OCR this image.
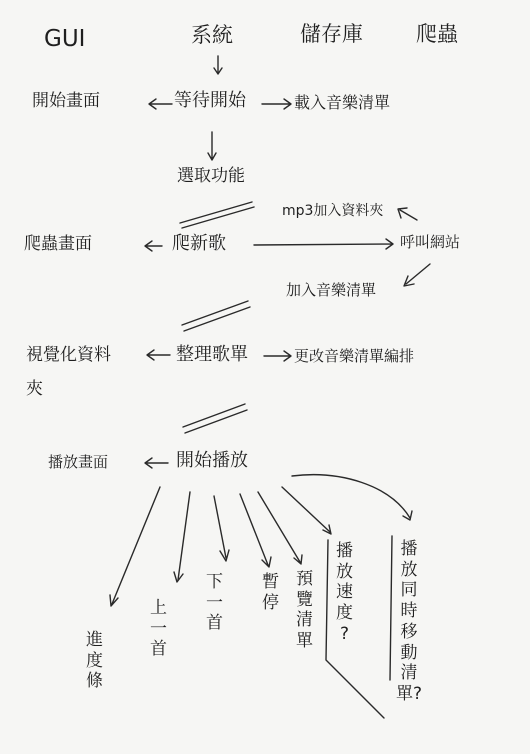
GUI	系統	儲存庫	爬蟲
開始畫面	等待開始	載入音樂清單
選取功能
mp3加入資料夾
爬蟲畫面	爬新歌	呼叫網站
加入音樂清單
視覺化資料
夾
整理歌單	更改音樂清單編排
播放畫面	開始播放
進
度
條
上
一
首
下
一
首
暫
停
預
覽
清
單
播
放
速
度
?
播
放
同
時
移
動
清
單?
